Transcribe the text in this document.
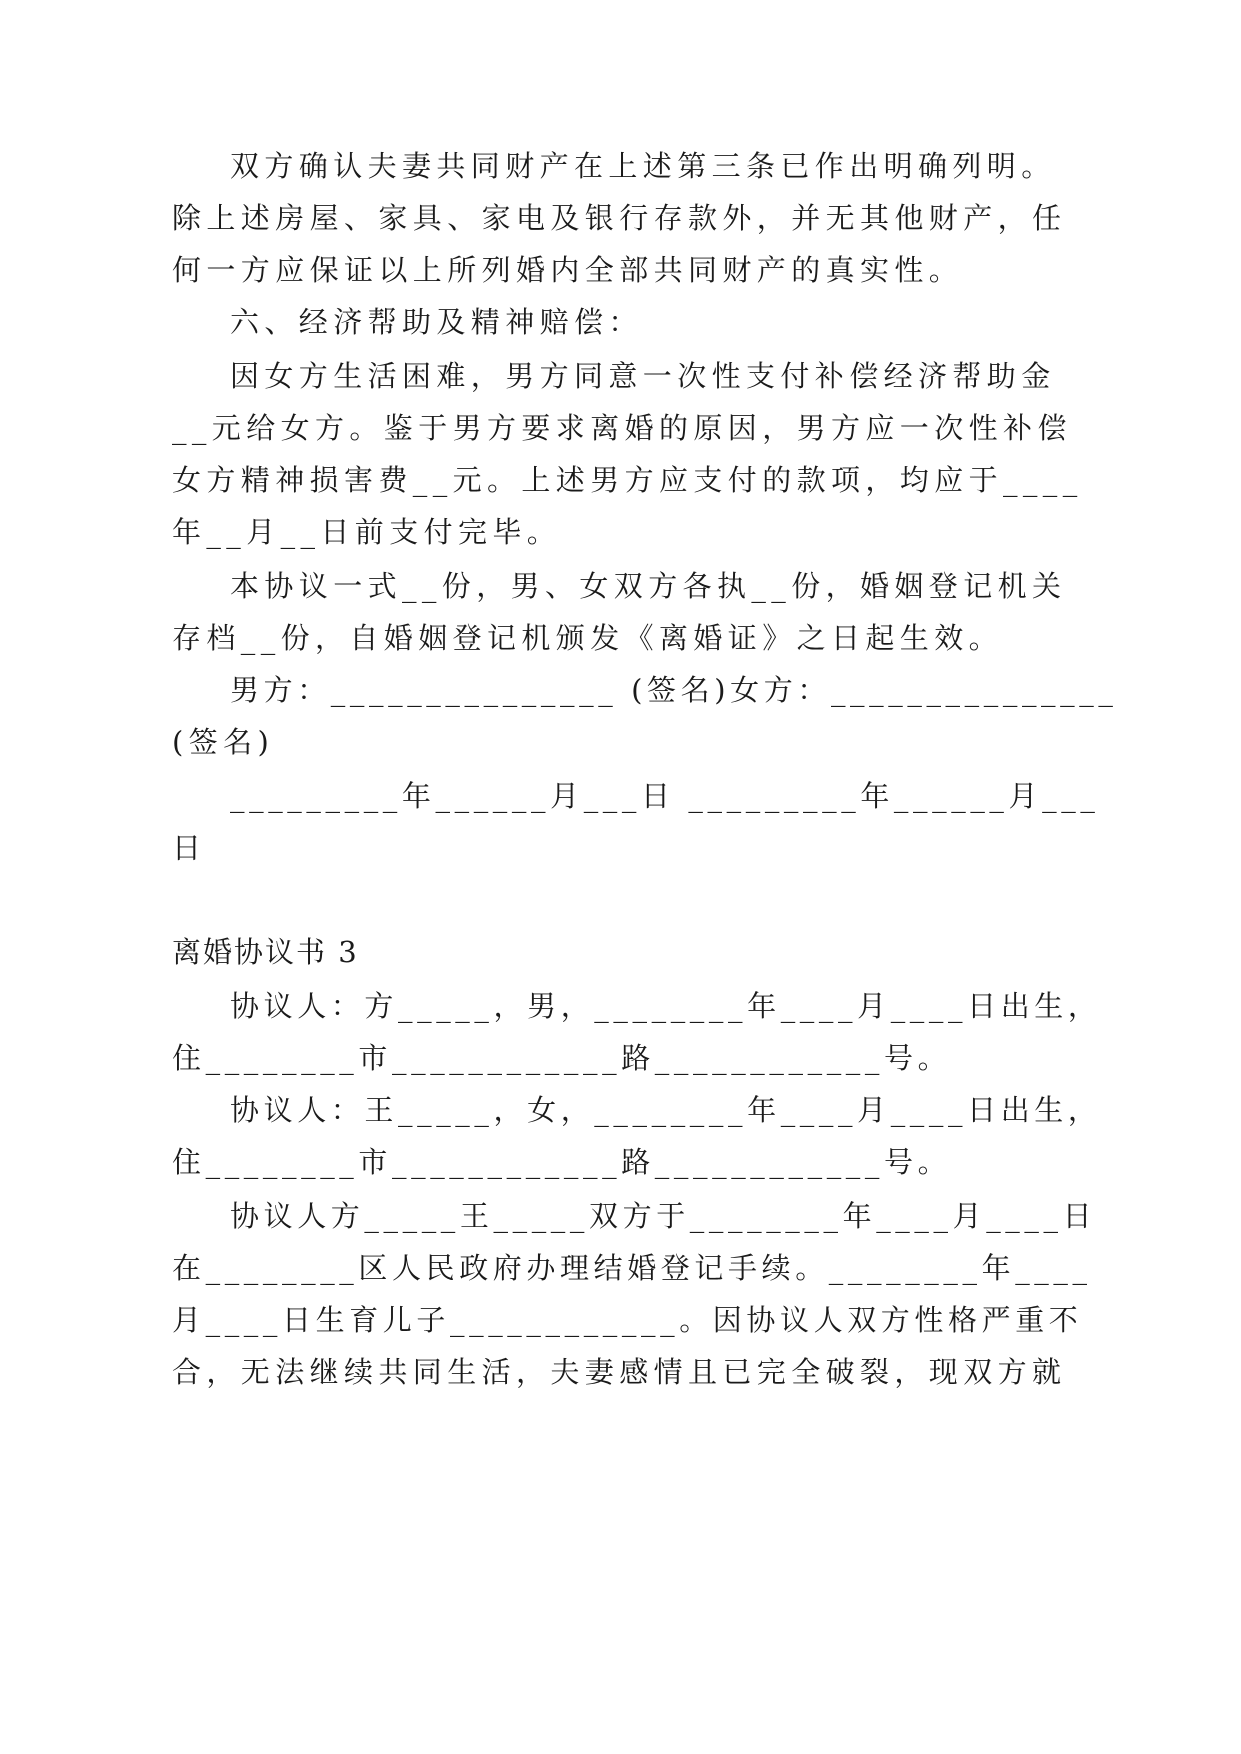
双方确认夫妻共同财产在上述第三条已作出明确列明。
除上述房屋、家具、家电及银行存款外，并无其他财产，任
何一方应保证以上所列婚内全部共同财产的真实性。
六、经济帮助及精神赔偿：
因女方生活困难，男方同意一次性支付补偿经济帮助金
__元给女方。鉴于男方要求离婚的原因，男方应一次性补偿
女方精神损害费__元。上述男方应支付的款项，均应于____
年__月__日前支付完毕。
本协议一式__份，男、女双方各执__份，婚姻登记机关
存档__份，自婚姻登记机颁发《离婚证》之日起生效。
男方：_______________ (签名)女方：_______________
(签名)
_________年______月___日 _________年______月___
日
离婚协议书 3
协议人：方_____，男，________年____月____日出生，
住________市____________路____________号。
协议人：王_____，女，________年____月____日出生，
住________市____________路____________号。
协议人方_____王_____双方于________年____月____日
在________区人民政府办理结婚登记手续。________年____
月____日生育儿子____________。因协议人双方性格严重不
合，无法继续共同生活，夫妻感情且已完全破裂，现双方就
